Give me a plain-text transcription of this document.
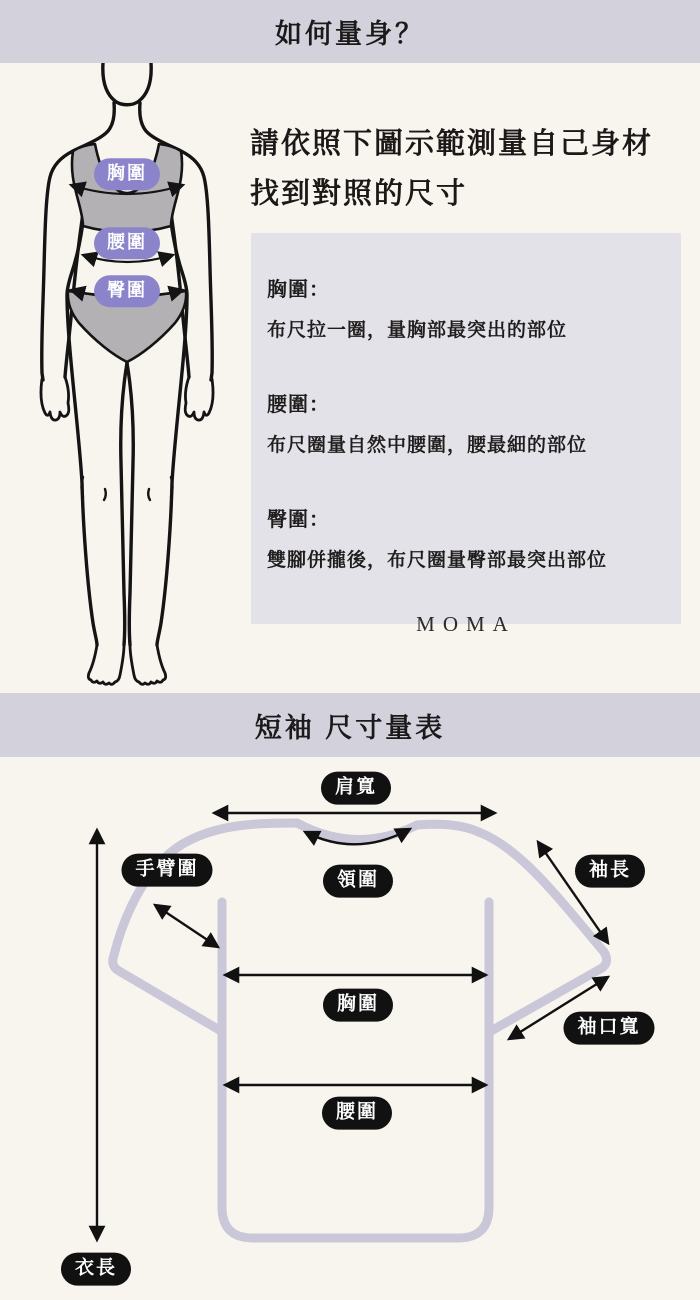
如何量身？
胸圍
腰圍
臀圍
請依照下圖示範測量自己身材
找到對照的尺寸
胸圍：
布尺拉一圈，量胸部最突出的部位
腰圍：
布尺圈量自然中腰圍，腰最細的部位
臀圍：
雙腳併攏後，布尺圈量臀部最突出部位
MOMA
短袖 尺寸量表
肩寬
手臂圍
領圍	袖長
胸圍
袖口寬
腰圍
衣長
